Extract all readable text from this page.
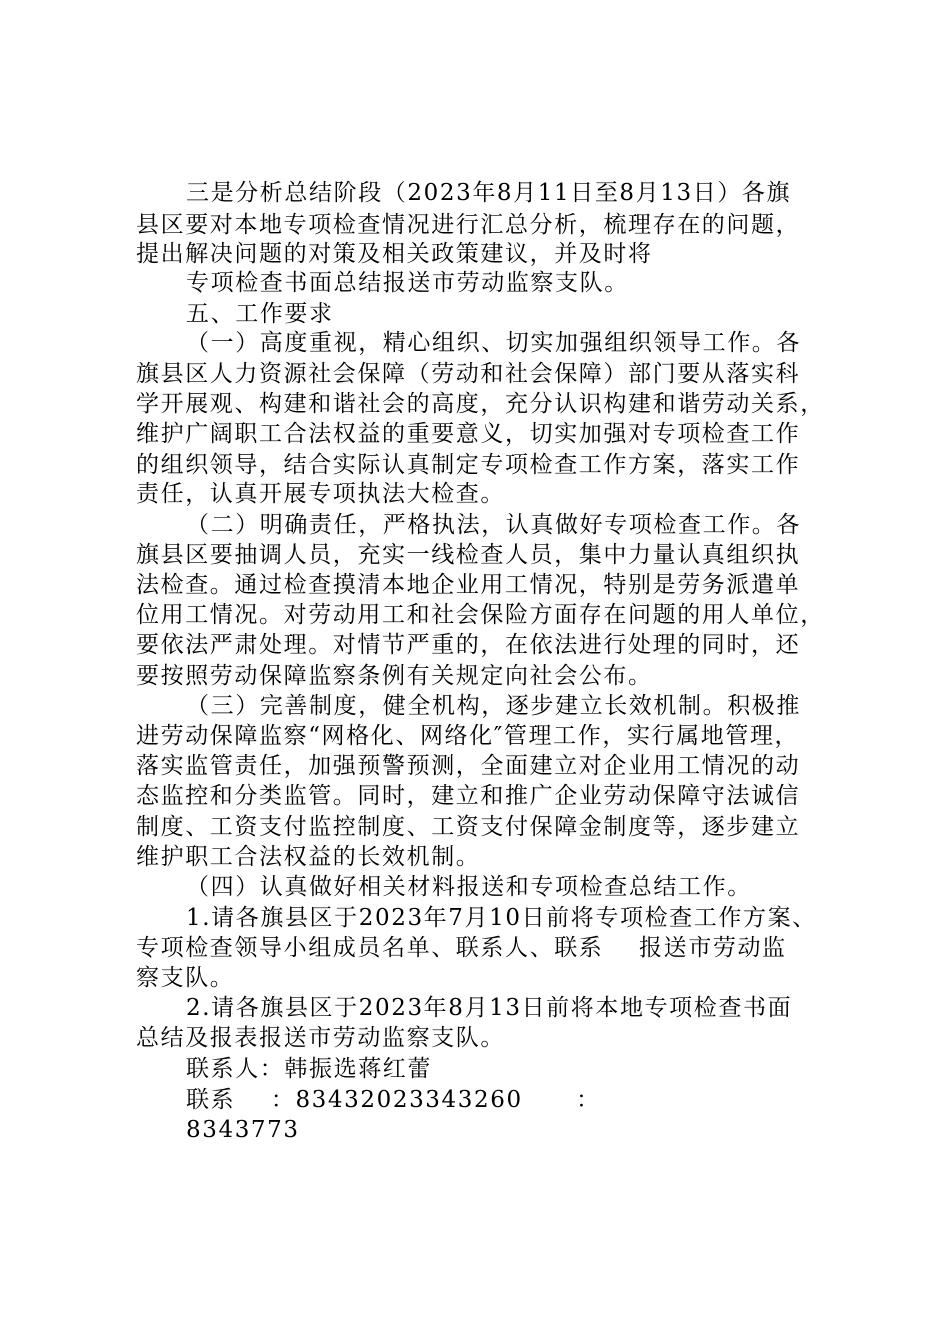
三是分析总结阶段（2023年8月11日至8月13日）各旗
县区要对本地专项检查情况进行汇总分析，梳理存在的问题，
提出解决问题的对策及相关政策建议，并及时将
专项检查书面总结报送市劳动监察支队。
五、工作要求
（一）高度重视，精心组织、切实加强组织领导工作。各
旗县区人力资源社会保障（劳动和社会保障）部门要从落实科
学开展观、构建和谐社会的高度，充分认识构建和谐劳动关系，
维护广阔职工合法权益的重要意义，切实加强对专项检查工作
的组织领导，结合实际认真制定专项检查工作方案，落实工作
责任，认真开展专项执法大检查。
（二）明确责任，严格执法，认真做好专项检查工作。各
旗县区要抽调人员，充实一线检查人员，集中力量认真组织执
法检查。通过检查摸清本地企业用工情况，特别是劳务派遣单
位用工情况。对劳动用工和社会保险方面存在问题的用人单位，
要依法严肃处理。对情节严重的，在依法进行处理的同时，还
要按照劳动保障监察条例有关规定向社会公布。
（三）完善制度，健全机构，逐步建立长效机制。积极推
进劳动保障监察“网格化、网络化″管理工作，实行属地管理，
落实监管责任，加强预警预测，全面建立对企业用工情况的动
态监控和分类监管。同时，建立和推广企业劳动保障守法诚信
制度、工资支付监控制度、工资支付保障金制度等，逐步建立
维护职工合法权益的长效机制。
（四）认真做好相关材料报送和专项检查总结工作。
1.请各旗县区于2023年7月10日前将专项检查工作方案、
专项检查领导小组成员名单、联系人、联系    报送市劳动监
察支队。
2.请各旗县区于2023年8月13日前将本地专项检查书面
总结及报表报送市劳动监察支队。
联系人：韩振选蒋红蕾
联系    ：83432023343260      ：
8343773
